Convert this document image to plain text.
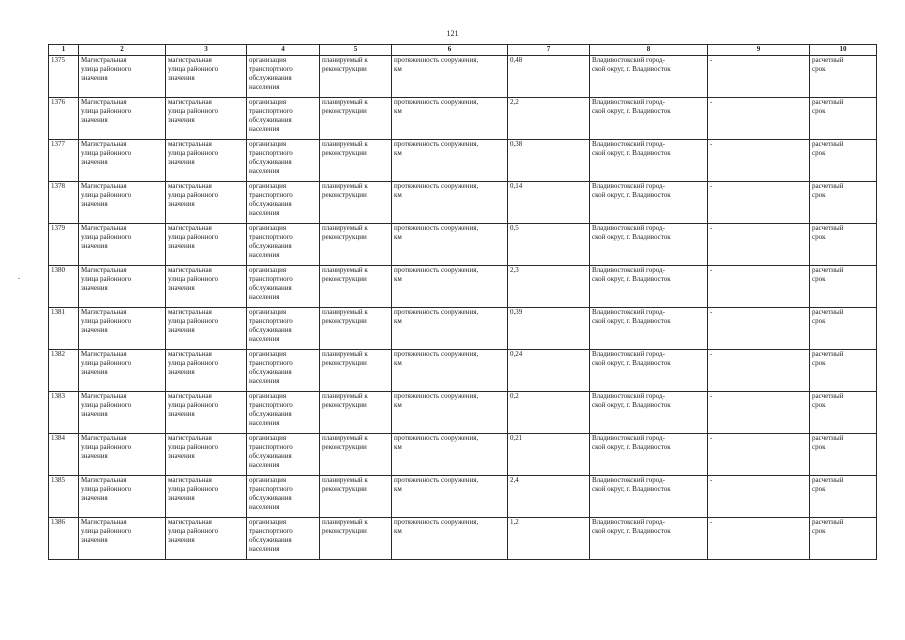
121
.
1	2	3	4	5	6	7	8	9	10
1375	Магистральная
улица районного
значения	магистральная
улица районного
значения	организация
транспортного
обслуживания
населения	планируемый к
реконструкции	протяженность сооружения,
км	0,48	Владивостокский город-
ской округ, г. Владивосток	-	расчетный
срок

1376	Магистральная
улица районного
значения	магистральная
улица районного
значения	организация
транспортного
обслуживания
населения	планируемый к
реконструкции	протяженность сооружения,
км	2,2	Владивостокский город-
ской округ, г. Владивосток	-	расчетный
срок

1377	Магистральная
улица районного
значения	магистральная
улица районного
значения	организация
транспортного
обслуживания
населения	планируемый к
реконструкции	протяженность сооружения,
км	0,38	Владивостокский город-
ской округ, г. Владивосток	-	расчетный
срок

1378	Магистральная
улица районного
значения	магистральная
улица районного
значения	организация
транспортного
обслуживания
населения	планируемый к
реконструкции	протяженность сооружения,
км	0,14	Владивостокский город-
ской округ, г. Владивосток	-	расчетный
срок

1379	Магистральная
улица районного
значения	магистральная
улица районного
значения	организация
транспортного
обслуживания
населения	планируемый к
реконструкции	протяженность сооружения,
км	0,5	Владивостокский город-
ской округ, г. Владивосток	-	расчетный
срок

1380	Магистральная
улица районного
значения	магистральная
улица районного
значения	организация
транспортного
обслуживания
населения	планируемый к
реконструкции	протяженность сооружения,
км	2,3	Владивостокский город-
ской округ, г. Владивосток	-	расчетный
срок

1381	Магистральная
улица районного
значения	магистральная
улица районного
значения	организация
транспортного
обслуживания
населения	планируемый к
реконструкции	протяженность сооружения,
км	0,39	Владивостокский город-
ской округ, г. Владивосток	-	расчетный
срок

1382	Магистральная
улица районного
значения	магистральная
улица районного
значения	организация
транспортного
обслуживания
населения	планируемый к
реконструкции	протяженность сооружения,
км	0,24	Владивостокский город-
ской округ, г. Владивосток	-	расчетный
срок

1383	Магистральная
улица районного
значения	магистральная
улица районного
значения	организация
транспортного
обслуживания
населения	планируемый к
реконструкции	протяженность сооружения,
км	0,2	Владивостокский город-
ской округ, г. Владивосток	-	расчетный
срок

1384	Магистральная
улица районного
значения	магистральная
улица районного
значения	организация
транспортного
обслуживания
населения	планируемый к
реконструкции	протяженность сооружения,
км	0,21	Владивостокский город-
ской округ, г. Владивосток	-	расчетный
срок

1385	Магистральная
улица районного
значения	магистральная
улица районного
значения	организация
транспортного
обслуживания
населения	планируемый к
реконструкции	протяженность сооружения,
км	2,4	Владивостокский город-
ской округ, г. Владивосток	-	расчетный
срок

1386	Магистральная
улица районного
значения	магистральная
улица районного
значения	организация
транспортного
обслуживания
населения	планируемый к
реконструкции	протяженность сооружения,
км	1,2	Владивостокский город-
ской округ, г. Владивосток	-	расчетный
срок
